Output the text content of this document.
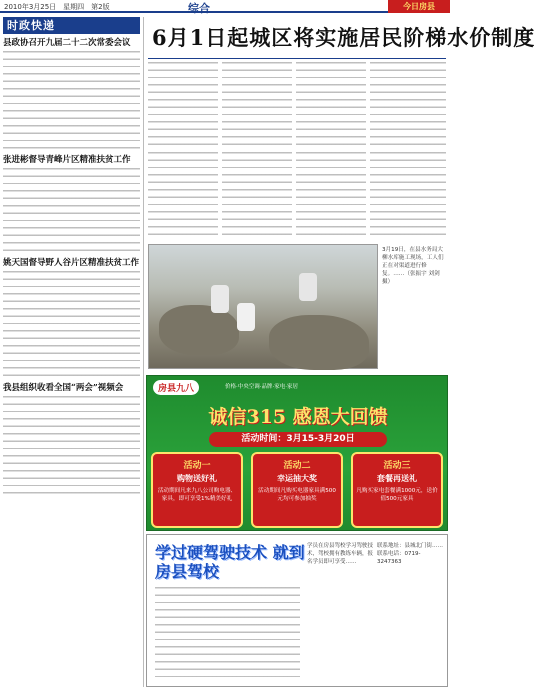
2010年3月25日　星期四　第2版	综合	今日房县
时政快递
县政协召开九届二十二次常委会议
张进彬督导青峰片区精准扶贫工作
姚天国督导野人谷片区精准扶贫工作
我县组织收看全国“两会”视频会
6月1日起城区将实施居民阶梯水价制度
3月19日，在县水务局大柳水库施工现场，工人们正在对渠道进行修复。……（张振宇 刘剑 摄）
房县九八	价格·中央空调·品牌·家电·家居
诚信315 感恩大回馈
活动时间：3月15-3月20日
活动一
购物送好礼

活动期间凡来九八公司购电器、家具，即可享受1%精美好礼

活动二
幸运抽大奖

活动期间凡购买电器家具满500元均可参加抽奖

活动三
套餐再送礼

凡购买家电套餐满1000元，送价值500元家具

学过硬驾驶技术 就到房县驾校
学员在房县驾校学习驾驶技术，驾校拥有教练车辆，报名学员即可享受……
联系地址：县城北门街……联系电话：0719-3247363
